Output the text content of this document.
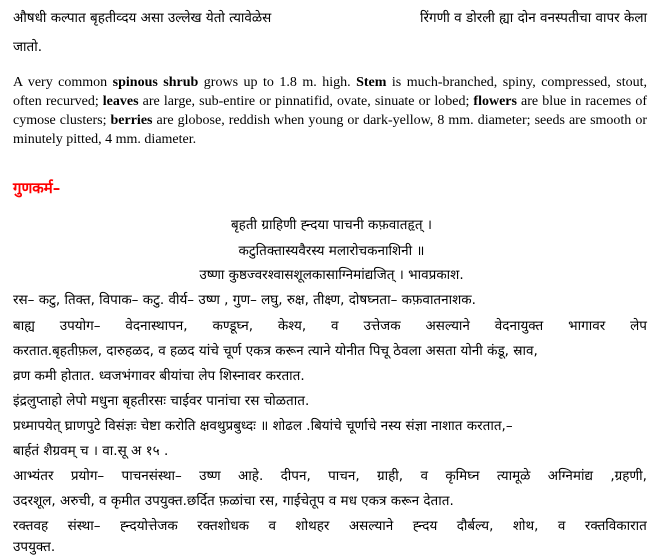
औषधी कल्पात बृहतीव्दय असा उल्लेख येतो त्यावेळेस	रिंगणी व डोरली ह्या दोन वनस्पतीचा वापर केला
जातो.
A very common spinous shrub grows up to 1.8 m. high. Stem is much-branched, spiny, compressed, stout, often recurved; leaves are large, sub-entire or pinnatifid, ovate, sinuate or lobed; flowers are blue in racemes of cymose clusters; berries are globose, reddish when young or dark-yellow, 8 mm. diameter; seeds are smooth or minutely pitted, 4 mm. diameter.
गुणकर्म–
बृहती ग्राहिणी ह्न्दया पाचनी कफ़वातहृत् ।
कटुतिक्तास्यवैरस्य मलारोचकनाशिनी ॥
उष्णा कुष्ठज्वरश्वासशूलकासाग्निमांद्यजित् । भावप्रकाश.
रस– कटु, तिक्त, विपाक– कटु. वीर्य– उष्ण , गुण– लघु, रुक्ष, तीक्ष्ण, दोषघ्नता– कफ़वातनाशक.
बाह्य उपयोग– वेदनास्थापन, कण्डूघ्न, केश्य, व उत्तेजक असल्याने वेदनायुक्त भागावर लेप
करतात.बृहतीफ़ल, दारुहळद, व हळद यांचे चूर्ण एकत्र करून त्याने योनीत पिचू ठेवला असता योनी कंडू, स्राव,
व्रण कमी होतात. ध्वजभंगावर बीयांचा लेप शिस्नावर करतात.
इंद्रलुप्ताहो लेपो मधुना बृहतीरसः चाईवर पानांचा रस चोळतात.
प्रध्मापयेत् घ्राणपुटे विसंज्ञः चेष्टा करोति क्षवथुप्रबुध्दः ॥ शोढल .बियांचे चूर्णाचे नस्य संज्ञा नाशात करतात,–
बार्हतं शैग्रवम् च । वा.सू अ १५ .
आभ्यंतर प्रयोग– पाचनसंस्था– उष्ण आहे. दीपन, पाचन, ग्राही, व कृमिघ्न त्यामूळे अग्निमांद्य ,ग्रहणी,
उदरशूल, अरुची, व कृमीत उपयुक्त.छर्दित फ़ळांचा रस, गाईचेतूप व मध एकत्र करून देतात.
रक्तवह संस्था– ह्न्दयोत्तेजक रक्तशोधक व शोथहर असल्याने ह्न्दय दौर्बल्य, शोथ, व रक्तविकारात
उपयुक्त.
